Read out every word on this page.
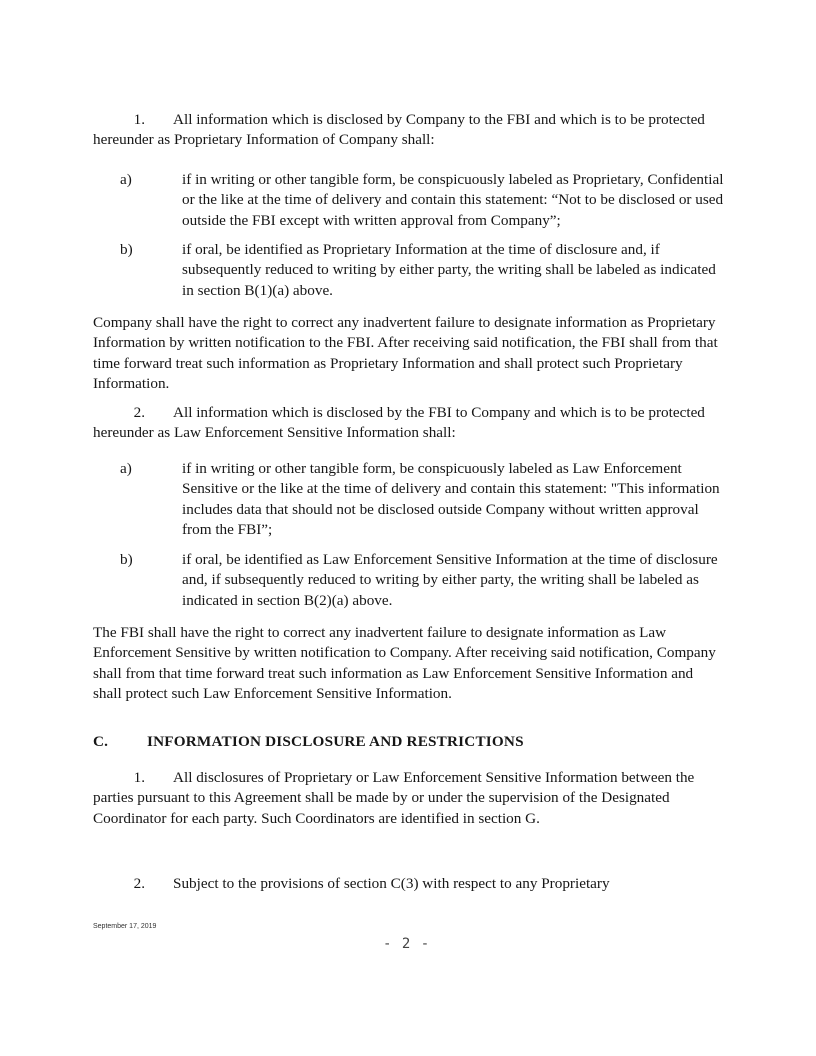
1. All information which is disclosed by Company to the FBI and which is to be protected hereunder as Proprietary Information of Company shall:

a)	if in writing or other tangible form, be conspicuously labeled as Proprietary, Confidential or the like at the time of delivery and contain this statement: “Not to be disclosed or used outside the FBI except with written approval from Company”;
b)	if oral, be identified as Proprietary Information at the time of disclosure and, if subsequently reduced to writing by either party, the writing shall be labeled as indicated in section B(1)(a) above.

Company shall have the right to correct any inadvertent failure to designate information as Proprietary Information by written notification to the FBI. After receiving said notification, the FBI shall from that time forward treat such information as Proprietary Information and shall protect such Proprietary Information.

2. All information which is disclosed by the FBI to Company and which is to be protected hereunder as Law Enforcement Sensitive Information shall:

a)	if in writing or other tangible form, be conspicuously labeled as Law Enforcement Sensitive or the like at the time of delivery and contain this statement: "This information includes data that should not be disclosed outside Company without written approval from the FBI”;
b)	if oral, be identified as Law Enforcement Sensitive Information at the time of disclosure and, if subsequently reduced to writing by either party, the writing shall be labeled as indicated in section B(2)(a) above.

The FBI shall have the right to correct any inadvertent failure to designate information as Law Enforcement Sensitive by written notification to Company. After receiving said notification, Company shall from that time forward treat such information as Law Enforcement Sensitive Information and shall protect such Law Enforcement Sensitive Information.

C.	INFORMATION DISCLOSURE AND RESTRICTIONS

1. All disclosures of Proprietary or Law Enforcement Sensitive Information between the parties pursuant to this Agreement shall be made by or under the supervision of the Designated Coordinator for each party. Such Coordinators are identified in section G.

2. Subject to the provisions of section C(3) with respect to any Proprietary

September 17, 2019
- 2 -
